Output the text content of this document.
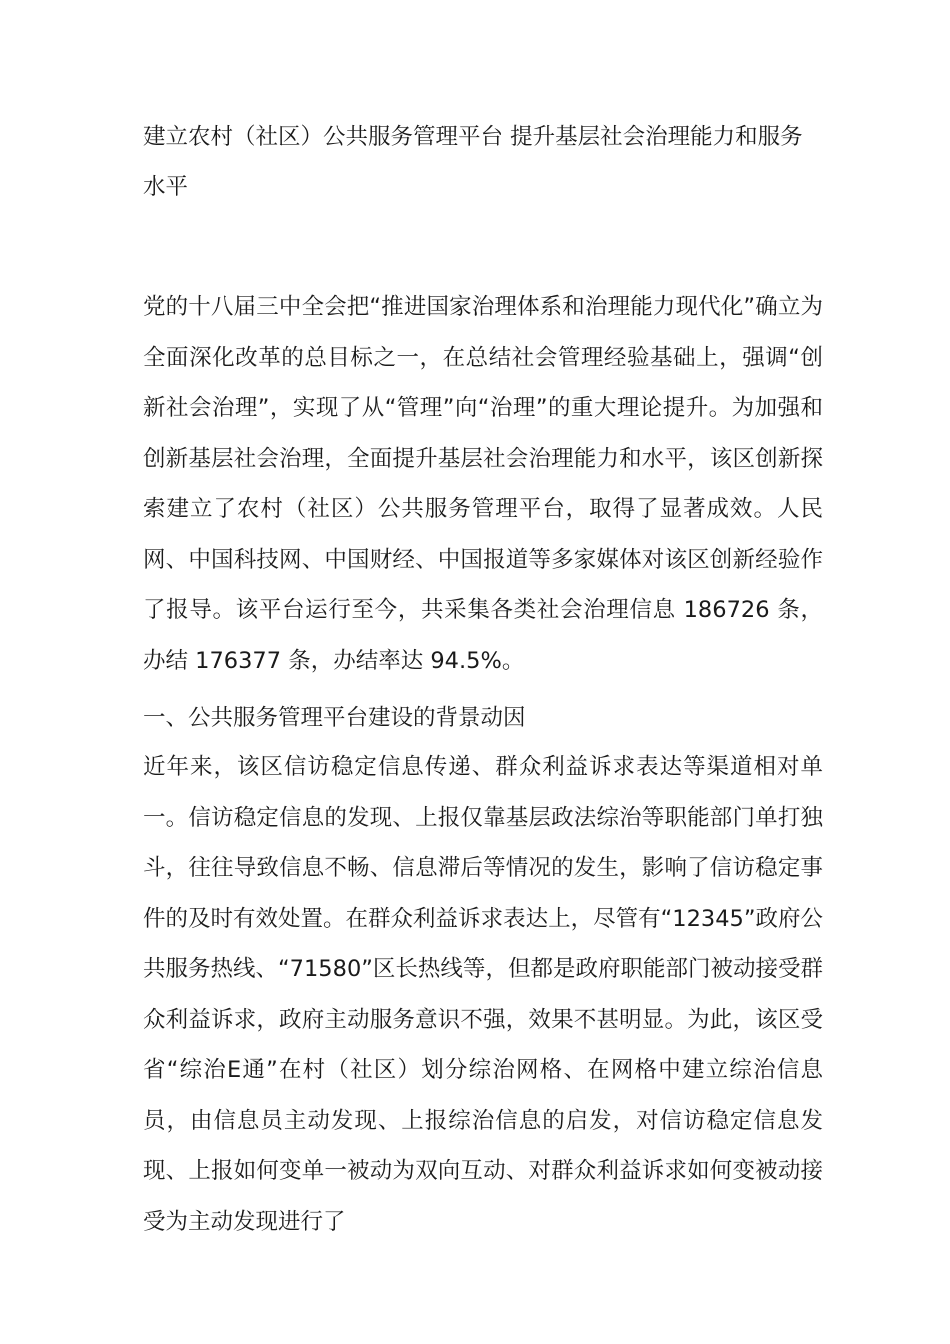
建立农村（社区）公共服务管理平台 提升基层社会治理能力和服务水平

党的十八届三中全会把“推进国家治理体系和治理能力现代化”确立为全面深化改革的总目标之一，在总结社会管理经验基础上，强调“创新社会治理”，实现了从“管理”向“治理”的重大理论提升。为加强和创新基层社会治理，全面提升基层社会治理能力和水平，该区创新探索建立了农村（社区）公共服务管理平台，取得了显著成效。人民网、中国科技网、中国财经、中国报道等多家媒体对该区创新经验作了报导。该平台运行至今，共采集各类社会治理信息 186726 条，办结 176377 条，办结率达 94.5%。

一、公共服务管理平台建设的背景动因

近年来，该区信访稳定信息传递、群众利益诉求表达等渠道相对单一。信访稳定信息的发现、上报仅靠基层政法综治等职能部门单打独斗，往往导致信息不畅、信息滞后等情况的发生，影响了信访稳定事件的及时有效处置。在群众利益诉求表达上，尽管有“12345”政府公共服务热线、“71580”区长热线等，但都是政府职能部门被动接受群众利益诉求，政府主动服务意识不强，效果不甚明显。为此，该区受省“综治E通”在村（社区）划分综治网格、在网格中建立综治信息员，由信息员主动发现、上报综治信息的启发，对信访稳定信息发现、上报如何变单一被动为双向互动、对群众利益诉求如何变被动接受为主动发现进行了
